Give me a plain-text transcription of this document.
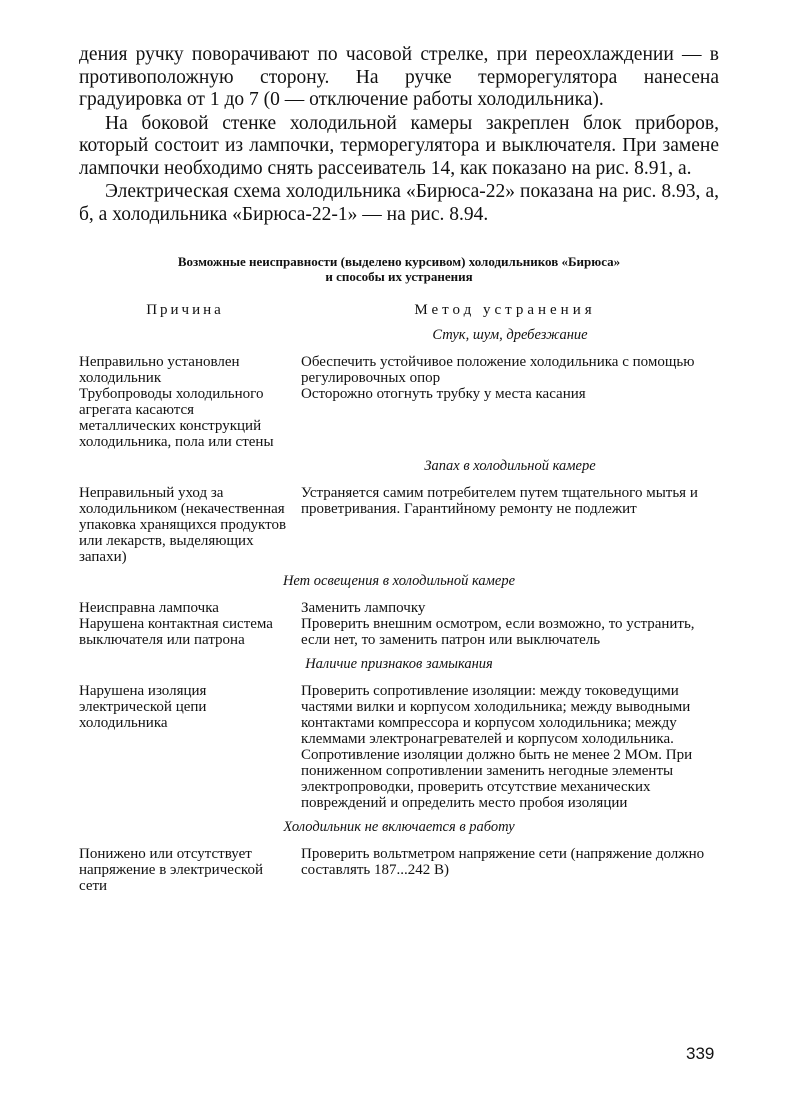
дения ручку поворачивают по часовой стрелке, при переохлаждении — в противоположную сторону. На ручке терморегулятора нанесена градуировка от 1 до 7 (0 — отключение работы холодильника).

На боковой стенке холодильной камеры закреплен блок приборов, который состоит из лампочки, терморегулятора и выключателя. При замене лампочки необходимо снять рассеиватель 14, как показано на рис. 8.91, а.

Электрическая схема холодильника «Бирюса-22» показана на рис. 8.93, а, б, а холодильника «Бирюса-22-1» — на рис. 8.94.

Возможные неисправности (выделено курсивом) холодильников «Бирюса»
и способы их устранения
Причина	Метод устранения
Стук, шум, дребезжание
Неправильно установлен холодильник
Обеспечить устойчивое положение холодильника с помощью регулировочных опор
Трубопроводы холодильного агрегата касаются металлических конструкций холодильника, пола или стены
Осторожно отогнуть трубку у места касания
Запах в холодильной камере
Неправильный уход за холодильником (некачественная упаковка хранящихся продуктов или лекарств, выделяющих запахи)
Устраняется самим потребителем путем тщательного мытья и проветривания. Гарантийному ремонту не подлежит
Нет освещения в холодильной камере
Неисправна лампочка	Заменить лампочку
Нарушена контактная система выключателя или патрона
Проверить внешним осмотром, если возможно, то устранить, если нет, то заменить патрон или выключатель
Наличие признаков замыкания
Нарушена изоляция электрической цепи холодильника
Проверить сопротивление изоляции: между токоведущими частями вилки и корпусом холодильника; между выводными контактами компрессора и корпусом холодильника; между клеммами электронагревателей и корпусом холодильника. Сопротивление изоляции должно быть не менее 2 МОм. При пониженном сопротивлении заменить негодные элементы электропроводки, проверить отсутствие механических повреждений и определить место пробоя изоляции
Холодильник не включается в работу
Понижено или отсутствует напряжение в электрической сети
Проверить вольтметром напряжение сети (напряжение должно составлять 187...242 В)
339
